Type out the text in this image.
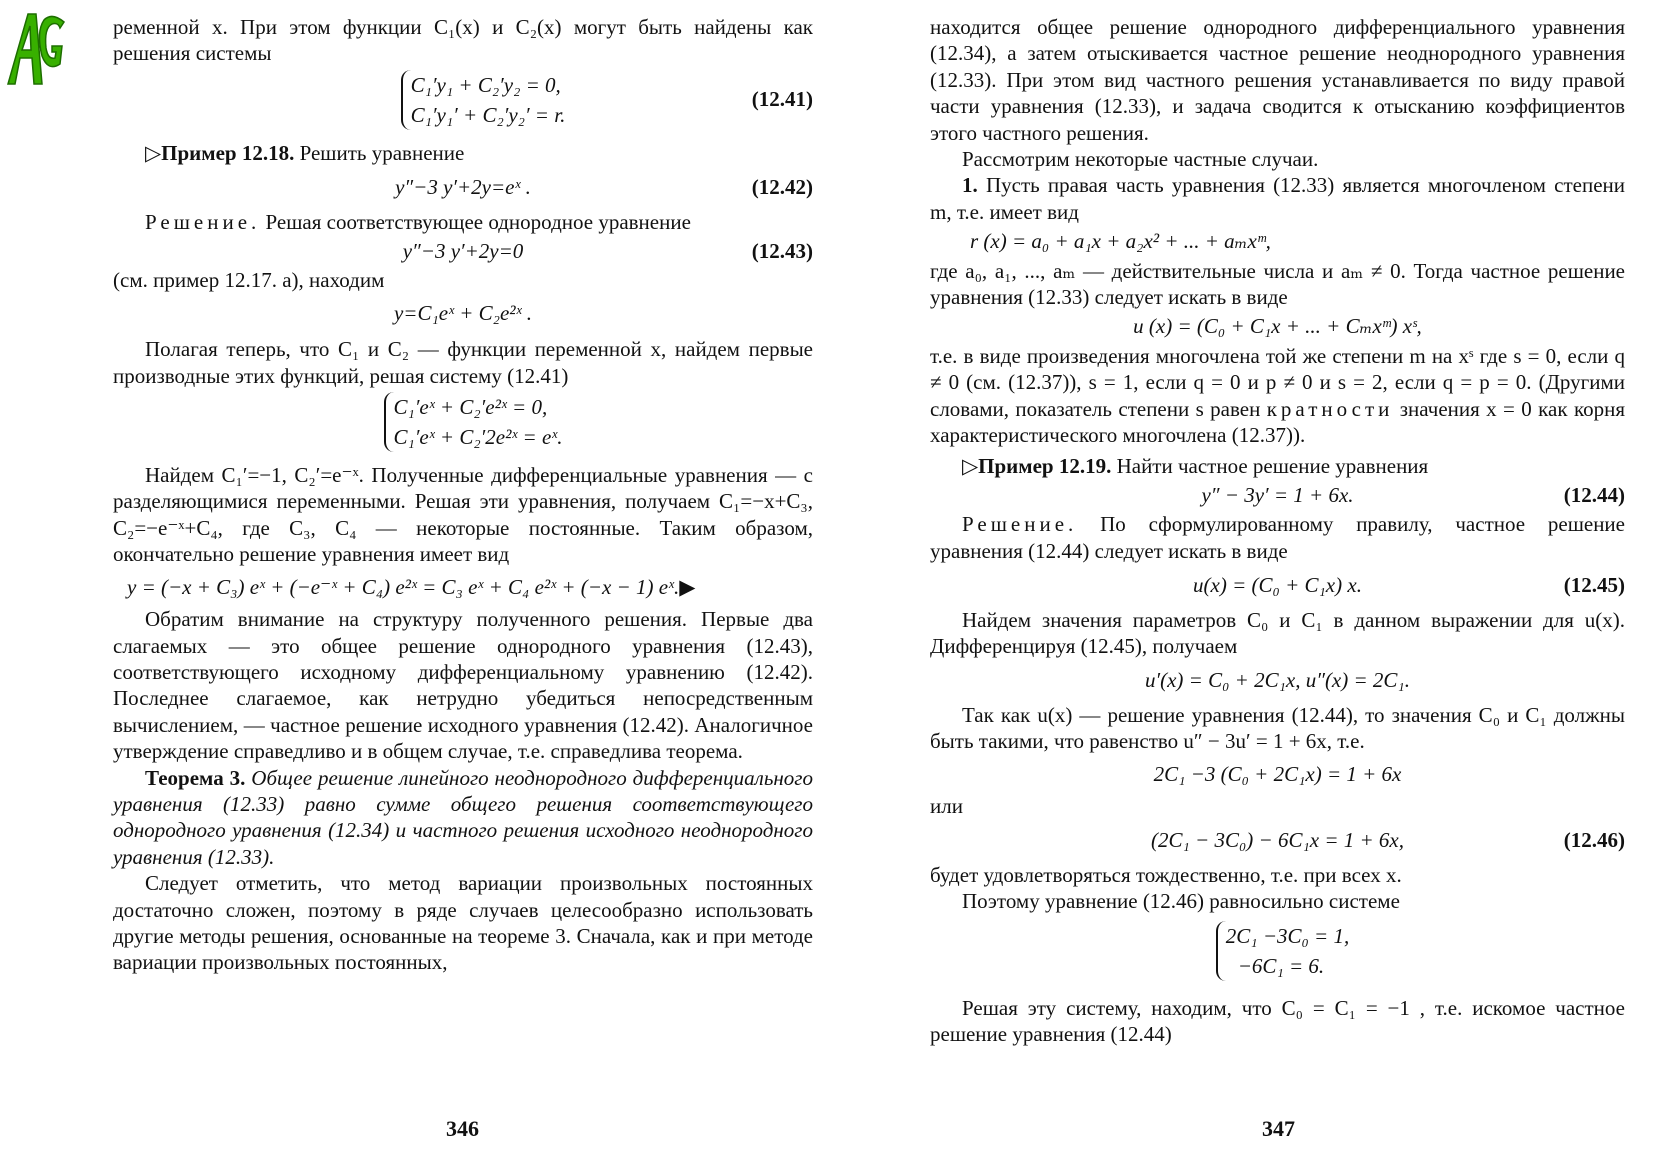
ременной x. При этом функции C₁(x) и C₂(x) могут быть найдены как решения системы

C₁′y₁ + C₂′y₂ = 0,
C₁′y₁′ + C₂′y₂′ = r.
(12.41)

▷Пример 12.18. Решить уравнение

y″−3 y′+2y=eˣ .	(12.42)

Решение. Решая соответствующее однородное уравнение

y″−3 y′+2y=0	(12.43)

(см. пример 12.17. а), находим

y=C₁eˣ + C₂e²ˣ .

Полагая теперь, что C₁ и C₂ — функции переменной x, найдем первые производные этих функций, решая систему (12.41)

C₁′eˣ + C₂′e²ˣ = 0,
C₁′eˣ + C₂′2e²ˣ = eˣ.

Найдем C₁′=−1, C₂′=e⁻ˣ. Полученные дифференциальные уравнения — с разделяющимися переменными. Решая эти уравнения, получаем C₁=−x+C₃, C₂=−e⁻ˣ+C₄, где C₃, C₄ — некоторые постоянные. Таким образом, окончательно решение уравнения имеет вид

y = (−x + C₃) eˣ + (−e⁻ˣ + C₄) e²ˣ = C₃ eˣ + C₄ e²ˣ + (−x − 1) eˣ.▶

Обратим внимание на структуру полученного решения. Первые два слагаемых — это общее решение однородного уравнения (12.43), соответствующего исходному дифференциальному уравнению (12.42). Последнее слагаемое, как нетрудно убедиться непосредственным вычислением, — частное решение исходного уравнения (12.42). Аналогичное утверждение справедливо и в общем случае, т.е. справедлива теорема.

Теорема 3. Общее решение линейного неоднородного дифференциального уравнения (12.33) равно сумме общего решения соответствующего однородного уравнения (12.34) и частного решения исходного неоднородного уравнения (12.33).

Следует отметить, что метод вариации произвольных постоянных достаточно сложен, поэтому в ряде случаев целесообразно использовать другие методы решения, основанные на теореме 3. Сначала, как и при методе вариации произвольных постоянных,

346

находится общее решение однородного дифференциального уравнения (12.34), а затем отыскивается частное решение неоднородного уравнения (12.33). При этом вид частного решения устанавливается по виду правой части уравнения (12.33), и задача сводится к отысканию коэффициентов этого частного решения.

Рассмотрим некоторые частные случаи.

1. Пусть правая часть уравнения (12.33) является многочленом степени m, т.е. имеет вид

r (x) = a₀ + a₁x + a₂x² + ... + aₘxᵐ,

где a₀, a₁, ..., aₘ — действительные числа и aₘ ≠ 0. Тогда частное решение уравнения (12.33) следует искать в виде

u (x) = (C₀ + C₁x + ... + Cₘxᵐ) xˢ,

т.е. в виде произведения многочлена той же степени m на xˢ где s = 0, если q ≠ 0 (см. (12.37)), s = 1, если q = 0 и p ≠ 0 и s = 2, если q = p = 0. (Другими словами, показатель степени s равен кратности значения x = 0 как корня характеристического многочлена (12.37)).

▷Пример 12.19. Найти частное решение уравнения

y″ − 3y′ = 1 + 6x.	(12.44)

Решение. По сформулированному правилу, частное решение уравнения (12.44) следует искать в виде

u(x) = (C₀ + C₁x) x.	(12.45)

Найдем значения параметров C₀ и C₁ в данном выражении для u(x). Дифференцируя (12.45), получаем

u′(x) = C₀ + 2C₁x, u″(x) = 2C₁.

Так как u(x) — решение уравнения (12.44), то значения C₀ и C₁ должны быть такими, что равенство u″ − 3u′ = 1 + 6x, т.е.

2C₁ −3 (C₀ + 2C₁x) = 1 + 6x

или

(2C₁ − 3C₀) − 6C₁x = 1 + 6x,	(12.46)

будет удовлетворяться тождественно, т.е. при всех x.

Поэтому уравнение (12.46) равносильно системе

2C₁ −3C₀ = 1,
−6C₁ = 6.

Решая эту систему, находим, что C₀ = C₁ = −1 , т.е. искомое частное решение уравнения (12.44)

347
